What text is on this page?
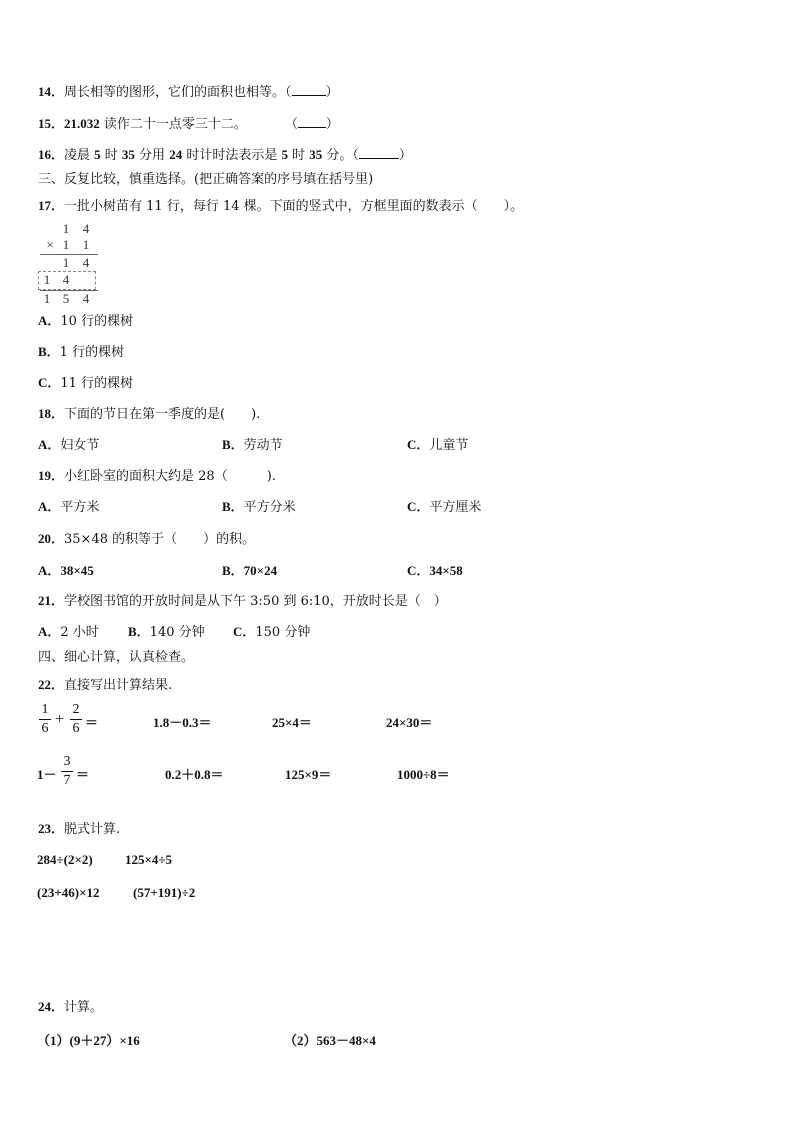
14．周长相等的图形，它们的面积也相等。（	）
15．21.032 读作二十一点零三十二。	（ ）
16．凌晨 5 时 35 分用 24 时计时法表示是 5 时 35 分。（	）
三、反复比较，慎重选择。(把正确答案的序号填在括号里)
17．一批小树苗有 11 行，每行 14 棵。下面的竖式中，方框里面的数表示（　　）。
1 4
× 1 1
1 4
1 4
1 5 4
A．10 行的棵树
B．1 行的棵树
C．11 行的棵树
18．下面的节日在第一季度的是(　　).
A．妇女节	B．劳动节	C．儿童节
19．小红卧室的面积大约是 28（　　　).
A．平方米	B．平方分米	C．平方厘米
20．35×48 的积等于（　　）的积。
A．38×45	B．70×24	C．34×58
21．学校图书馆的开放时间是从下午 3:50 到 6:10，开放时长是（　）
A．2 小时 B．140 分钟 C．150 分钟
四、细心计算，认真检查。
22．直接写出计算结果.
1
6
+
2
6 ＝	1.8－0.3＝	25×4＝	24×30＝
1－
3
7 ＝	0.2＋0.8＝	125×9＝	1000÷8＝
23．脱式计算.
284÷(2×2) 125×4÷5
(23+46)×12	(57+191)÷2
24．计算。
（1）(9＋27）×16	（2）563－48×4
